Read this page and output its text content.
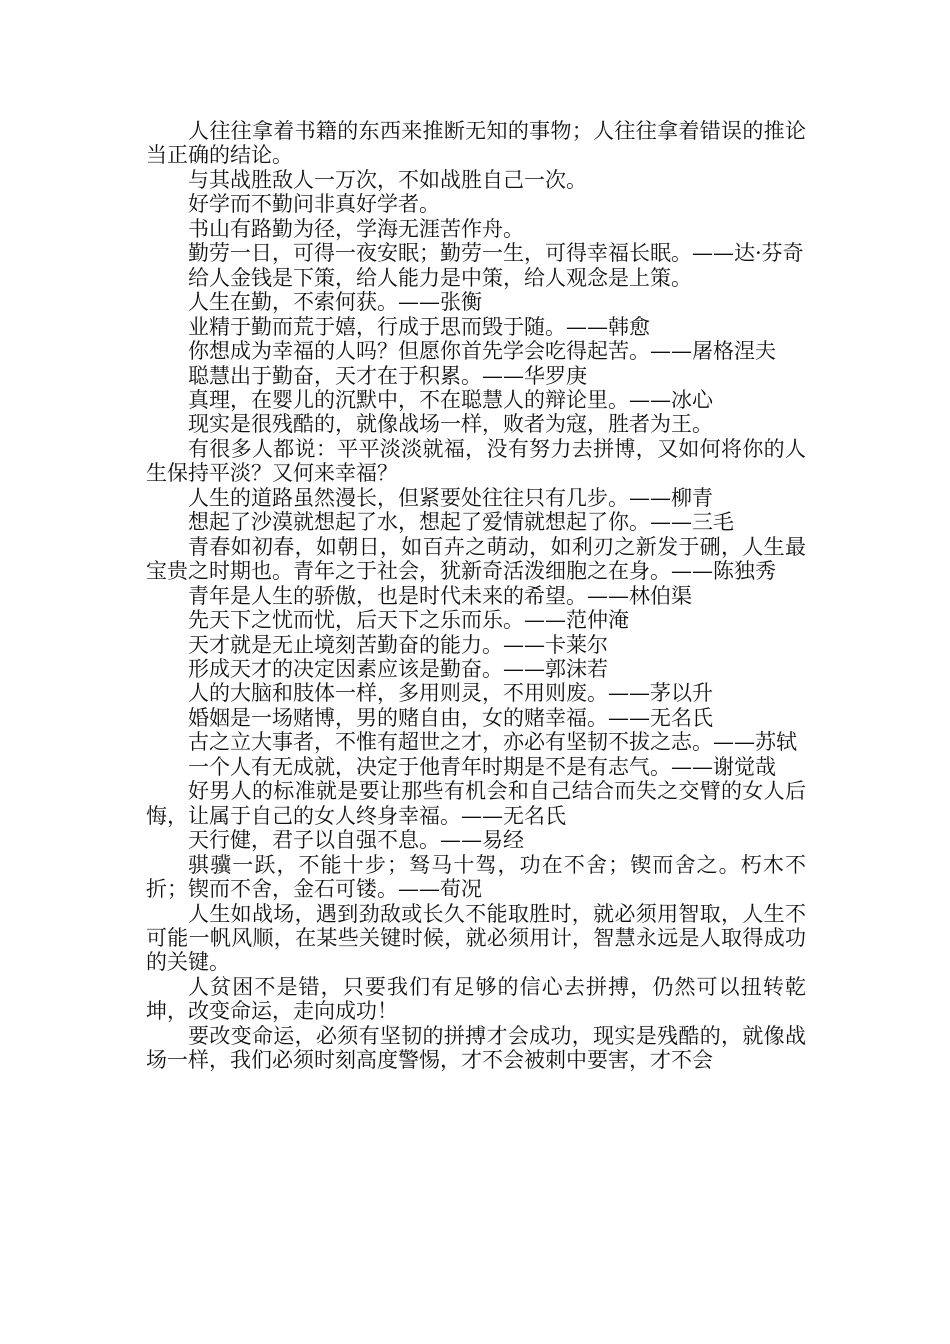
人往往拿着书籍的东西来推断无知的事物；人往往拿着错误的推论当正确的结论。

与其战胜敌人一万次，不如战胜自己一次。

好学而不勤问非真好学者。

书山有路勤为径，学海无涯苦作舟。

勤劳一日，可得一夜安眠；勤劳一生，可得幸福长眠。——达·芬奇

给人金钱是下策，给人能力是中策，给人观念是上策。

人生在勤，不索何获。——张衡

业精于勤而荒于嬉，行成于思而毁于随。——韩愈

你想成为幸福的人吗？但愿你首先学会吃得起苦。——屠格涅夫

聪慧出于勤奋，天才在于积累。——华罗庚

真理，在婴儿的沉默中，不在聪慧人的辩论里。——冰心

现实是很残酷的，就像战场一样，败者为寇，胜者为王。

有很多人都说：平平淡淡就福，没有努力去拼博，又如何将你的人生保持平淡？又何来幸福？

人生的道路虽然漫长，但紧要处往往只有几步。——柳青

想起了沙漠就想起了水，想起了爱情就想起了你。——三毛

青春如初春，如朝日，如百卉之萌动，如利刃之新发于硎，人生最宝贵之时期也。青年之于社会，犹新奇活泼细胞之在身。——陈独秀

青年是人生的骄傲，也是时代未来的希望。——林伯渠

先天下之忧而忧，后天下之乐而乐。——范仲淹

天才就是无止境刻苦勤奋的能力。——卡莱尔

形成天才的决定因素应该是勤奋。——郭沫若

人的大脑和肢体一样，多用则灵，不用则废。——茅以升

婚姻是一场赌博，男的赌自由，女的赌幸福。——无名氏

古之立大事者，不惟有超世之才，亦必有坚韧不拔之志。——苏轼

一个人有无成就，决定于他青年时期是不是有志气。——谢觉哉

好男人的标准就是要让那些有机会和自己结合而失之交臂的女人后悔，让属于自己的女人终身幸福。——无名氏

天行健，君子以自强不息。——易经

骐骥一跃，不能十步；驽马十驾，功在不舍；锲而舍之。朽木不折；锲而不舍，金石可镂。——荀况

人生如战场，遇到劲敌或长久不能取胜时，就必须用智取，人生不可能一帆风顺，在某些关键时候，就必须用计，智慧永远是人取得成功的关键。

人贫困不是错，只要我们有足够的信心去拼搏，仍然可以扭转乾坤，改变命运，走向成功！

要改变命运，必须有坚韧的拼搏才会成功，现实是残酷的，就像战场一样，我们必须时刻高度警惕，才不会被刺中要害，才不会
